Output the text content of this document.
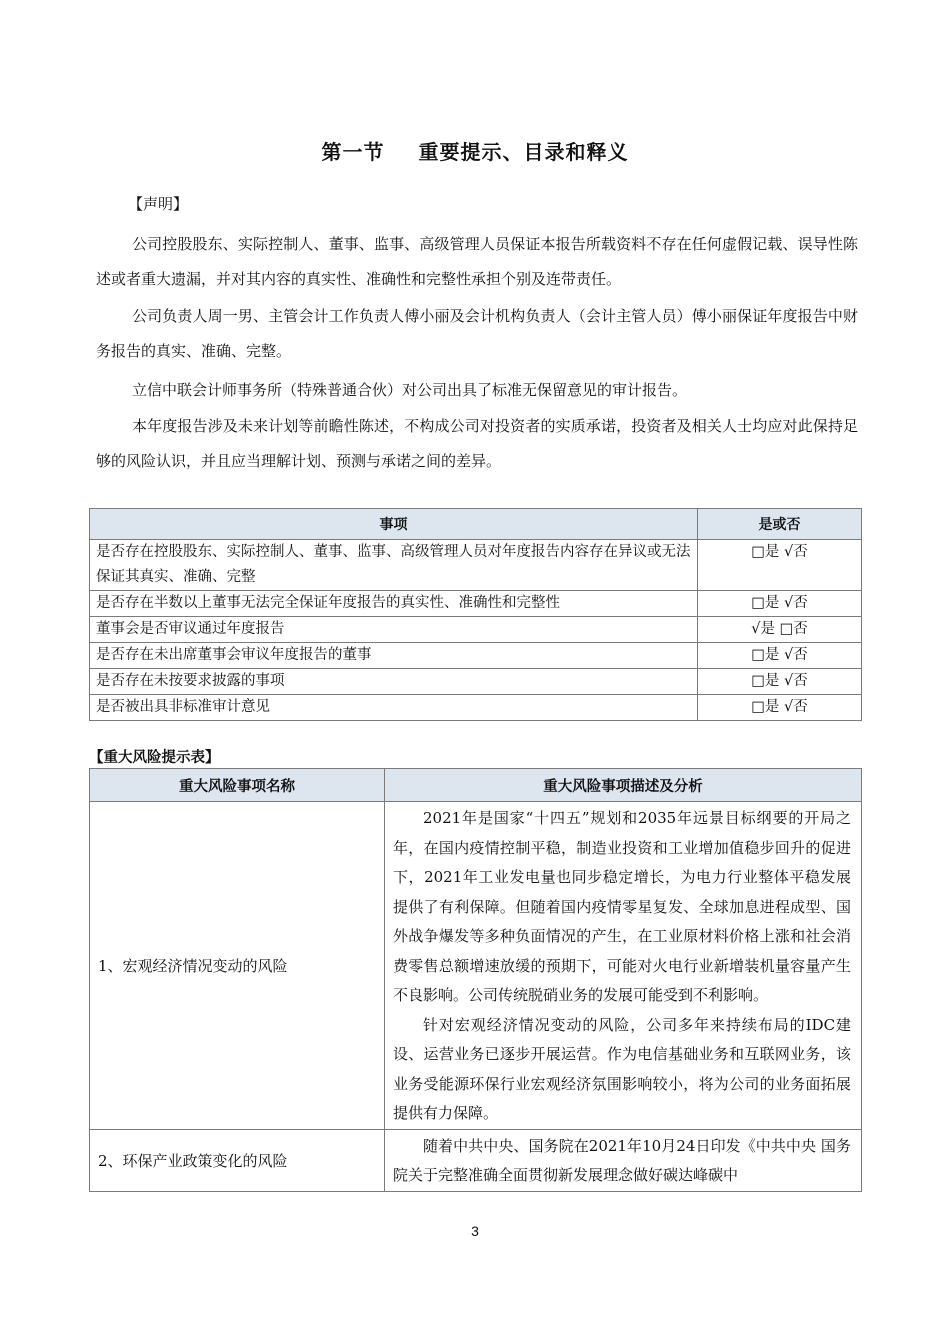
第一节 重要提示、目录和释义
【声明】

公司控股股东、实际控制人、董事、监事、高级管理人员保证本报告所载资料不存在任何虚假记载、误导性陈述或者重大遗漏，并对其内容的真实性、准确性和完整性承担个别及连带责任。

公司负责人周一男、主管会计工作负责人傅小丽及会计机构负责人（会计主管人员）傅小丽保证年度报告中财务报告的真实、准确、完整。

立信中联会计师事务所（特殊普通合伙）对公司出具了标准无保留意见的审计报告。

本年度报告涉及未来计划等前瞻性陈述，不构成公司对投资者的实质承诺，投资者及相关人士均应对此保持足够的风险认识，并且应当理解计划、预测与承诺之间的差异。

事项	是或否
是否存在控股股东、实际控制人、董事、监事、高级管理人员对年度报告内容存在异议或无法保证其真实、准确、完整	□是 √否
是否存在半数以上董事无法完全保证年度报告的真实性、准确性和完整性	□是 √否
董事会是否审议通过年度报告	√是 □否
是否存在未出席董事会审议年度报告的董事	□是 √否
是否存在未按要求披露的事项	□是 √否
是否被出具非标准审计意见	□是 √否
【重大风险提示表】
重大风险事项名称	重大风险事项描述及分析
1、宏观经济情况变动的风险	2021年是国家“十四五”规划和2035年远景目标纲要的开局之年，在国内疫情控制平稳，制造业投资和工业增加值稳步回升的促进下，2021年工业发电量也同步稳定增长，为电力行业整体平稳发展提供了有利保障。但随着国内疫情零星复发、全球加息进程成型、国外战争爆发等多种负面情况的产生，在工业原材料价格上涨和社会消费零售总额增速放缓的预期下，可能对火电行业新增装机量容量产生不良影响。公司传统脱硝业务的发展可能受到不利影响。

针对宏观经济情况变动的风险，公司多年来持续布局的IDC建设、运营业务已逐步开展运营。作为电信基础业务和互联网业务，该业务受能源环保行业宏观经济氛围影响较小，将为公司的业务面拓展提供有力保障。

2、环保产业政策变化的风险	随着中共中央、国务院在2021年10月24日印发《中共中央 国务院关于完整准确全面贯彻新发展理念做好碳达峰碳中

3
